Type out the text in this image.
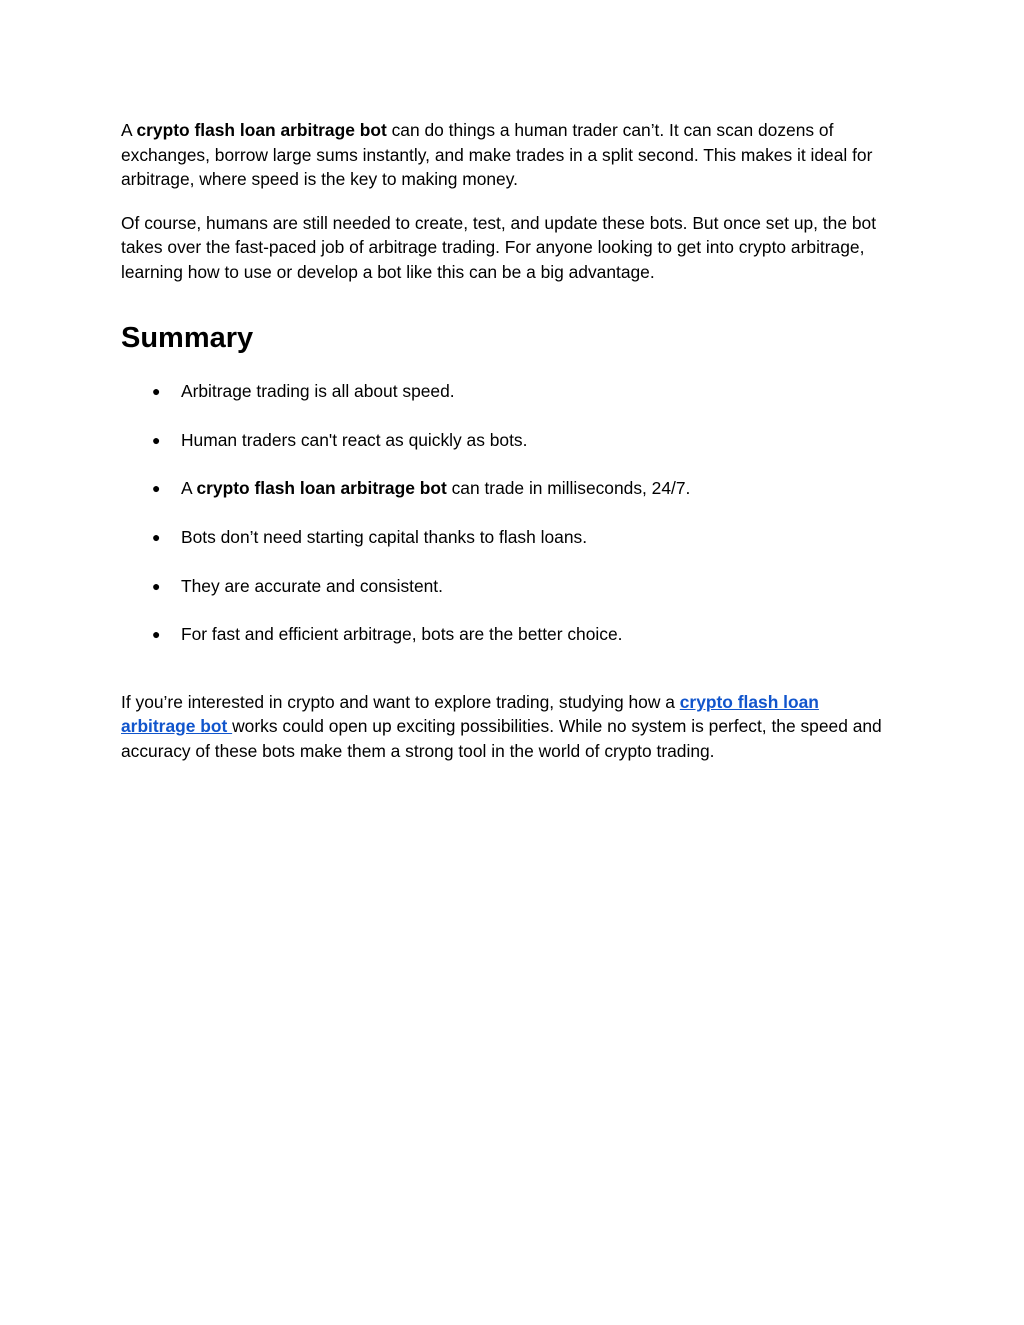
A crypto flash loan arbitrage bot can do things a human trader can’t. It can scan dozens of exchanges, borrow large sums instantly, and make trades in a split second. This makes it ideal for arbitrage, where speed is the key to making money.

Of course, humans are still needed to create, test, and update these bots. But once set up, the bot takes over the fast-paced job of arbitrage trading. For anyone looking to get into crypto arbitrage, learning how to use or develop a bot like this can be a big advantage.

Summary
● Arbitrage trading is all about speed.
● Human traders can't react as quickly as bots.
● A crypto flash loan arbitrage bot can trade in milliseconds, 24/7.
● Bots don’t need starting capital thanks to flash loans.
● They are accurate and consistent.
● For fast and efficient arbitrage, bots are the better choice.

If you’re interested in crypto and want to explore trading, studying how a crypto flash loan arbitrage bot works could open up exciting possibilities. While no system is perfect, the speed and accuracy of these bots make them a strong tool in the world of crypto trading.
